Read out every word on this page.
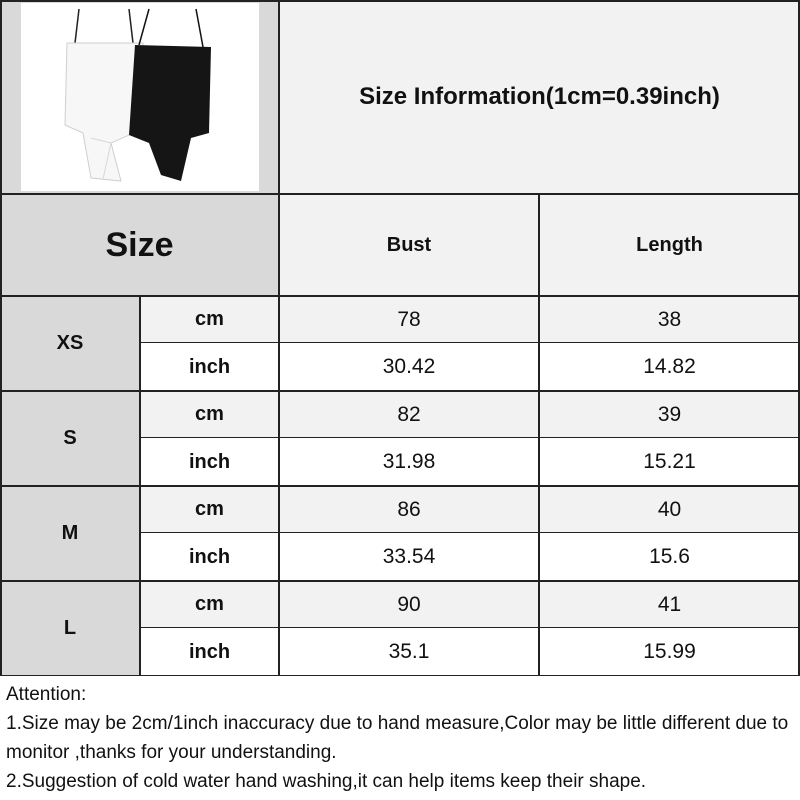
Size Information(1cm=0.39inch)
Size	Bust	Length
XS
cm	78	38
inch	30.42	14.82
S
cm	82	39
inch	31.98	15.21
M
cm	86	40
inch	33.54	15.6
L
cm	90	41
inch	35.1	15.99

Attention:

1.Size may be 2cm/1inch inaccuracy due to hand measure,Color may be little different due to monitor ,thanks for your understanding.

2.Suggestion of cold water hand washing,it can help items keep their shape.
